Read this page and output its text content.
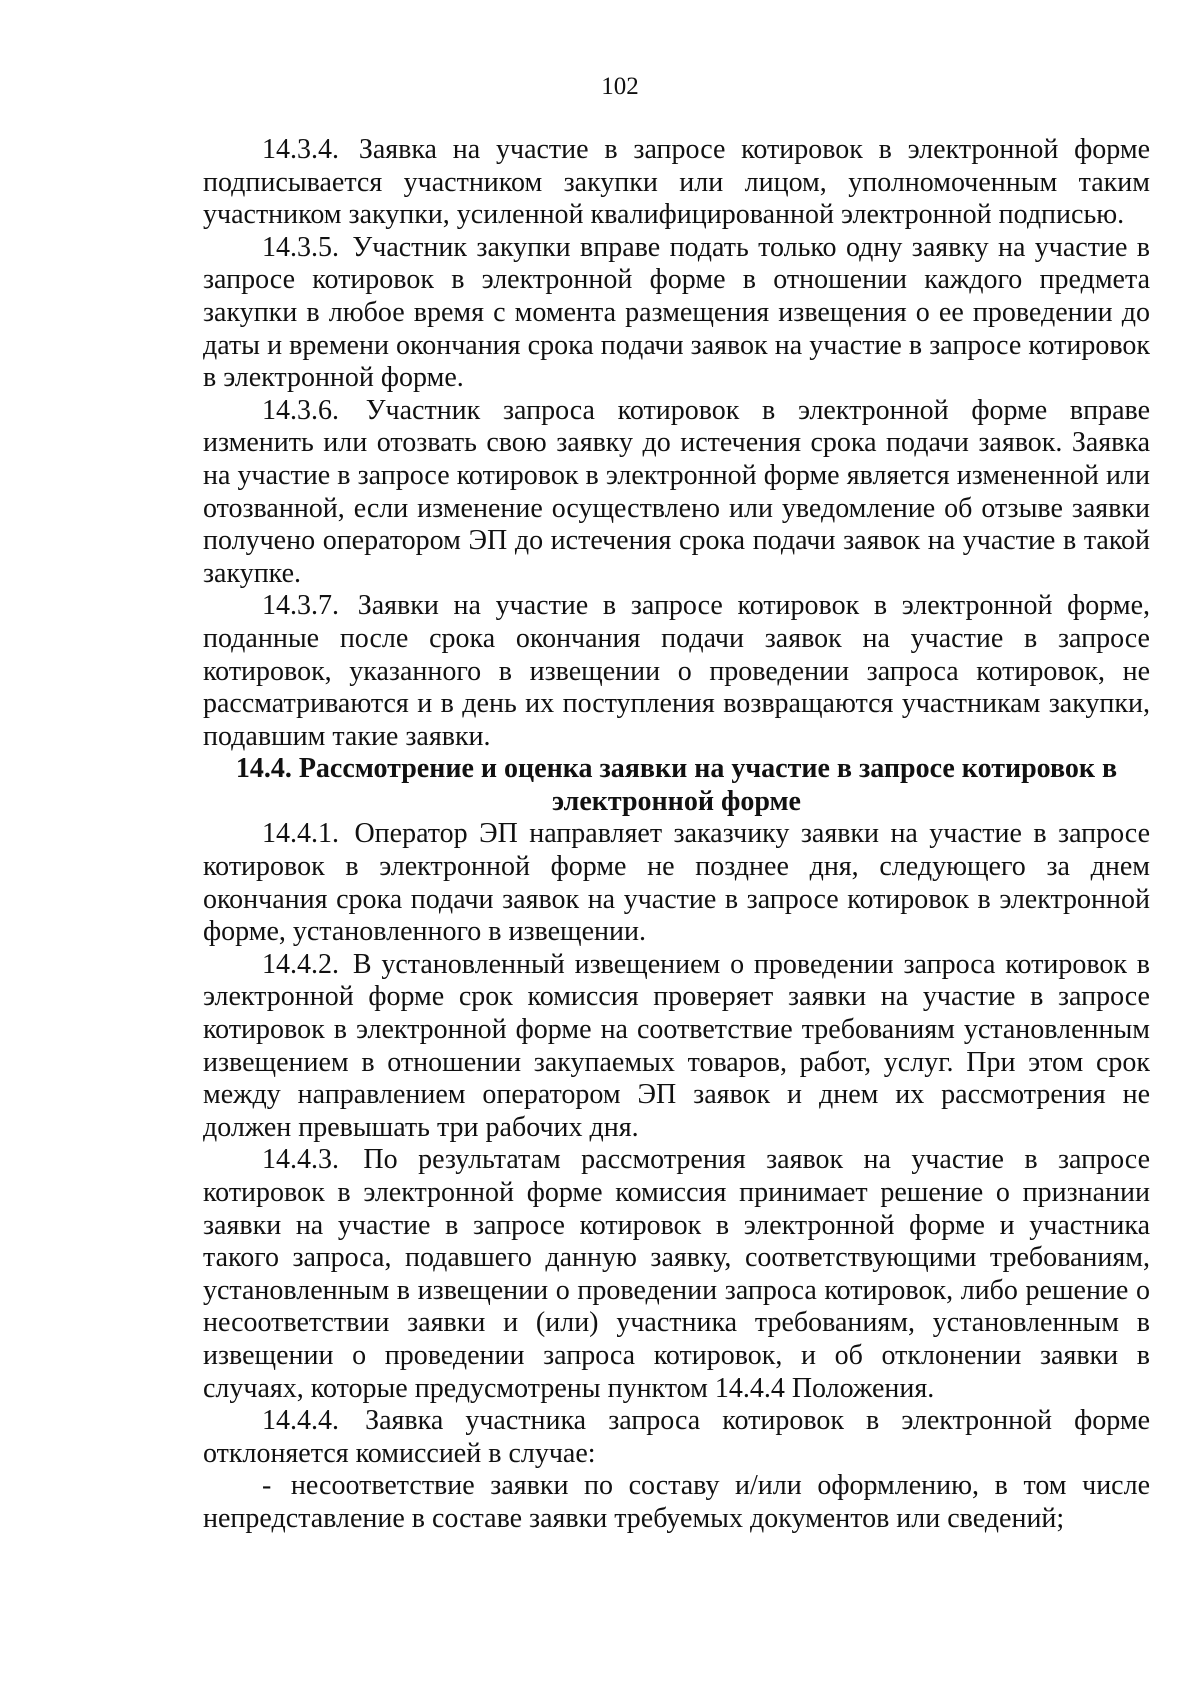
102

14.3.4. Заявка на участие в запросе котировок в электронной форме подписывается участником закупки или лицом, уполномоченным таким участником закупки, усиленной квалифицированной электронной подписью.

14.3.5. Участник закупки вправе подать только одну заявку на участие в запросе котировок в электронной форме в отношении каждого предмета закупки в любое время с момента размещения извещения о ее проведении до даты и времени окончания срока подачи заявок на участие в запросе котировок в электронной форме.

14.3.6. Участник запроса котировок в электронной форме вправе изменить или отозвать свою заявку до истечения срока подачи заявок. Заявка на участие в запросе котировок в электронной форме является измененной или отозванной, если изменение осуществлено или уведомление об отзыве заявки получено оператором ЭП до истечения срока подачи заявок на участие в такой закупке.

14.3.7. Заявки на участие в запросе котировок в электронной форме, поданные после срока окончания подачи заявок на участие в запросе котировок, указанного в извещении о проведении запроса котировок, не рассматриваются и в день их поступления возвращаются участникам закупки, подавшим такие заявки.

14.4. Рассмотрение и оценка заявки на участие в запросе котировок в электронной форме

14.4.1. Оператор ЭП направляет заказчику заявки на участие в запросе котировок в электронной форме не позднее дня, следующего за днем окончания срока подачи заявок на участие в запросе котировок в электронной форме, установленного в извещении.

14.4.2. В установленный извещением о проведении запроса котировок в электронной форме срок комиссия проверяет заявки на участие в запросе котировок в электронной форме на соответствие требованиям установленным извещением в отношении закупаемых товаров, работ, услуг. При этом срок между направлением оператором ЭП заявок и днем их рассмотрения не должен превышать три рабочих дня.

14.4.3. По результатам рассмотрения заявок на участие в запросе котировок в электронной форме комиссия принимает решение о признании заявки на участие в запросе котировок в электронной форме и участника такого запроса, подавшего данную заявку, соответствующими требованиям, установленным в извещении о проведении запроса котировок, либо решение о несоответствии заявки и (или) участника требованиям, установленным в извещении о проведении запроса котировок, и об отклонении заявки в случаях, которые предусмотрены пунктом 14.4.4 Положения.

14.4.4. Заявка участника запроса котировок в электронной форме отклоняется комиссией в случае:

- несоответствие заявки по составу и/или оформлению, в том числе непредставление в составе заявки требуемых документов или сведений;
